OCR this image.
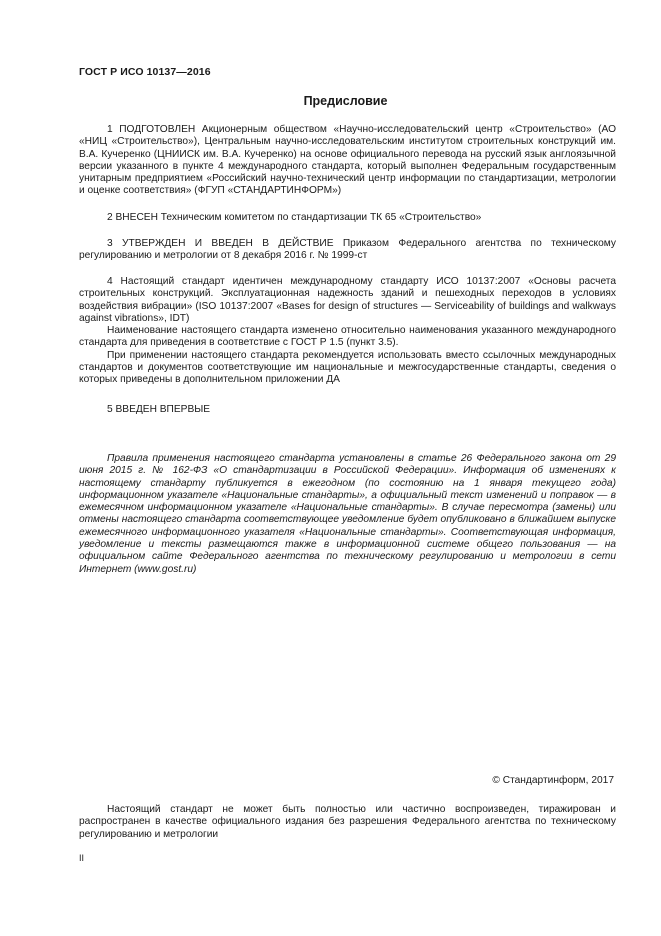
ГОСТ Р ИСО 10137—2016
Предисловие

1 ПОДГОТОВЛЕН Акционерным обществом «Научно-исследовательский центр «Строительство» (АО «НИЦ «Строительство»), Центральным научно-исследовательским институтом строительных конструкций им. В.А. Кучеренко (ЦНИИСК им. В.А. Кучеренко) на основе официального перевода на русский язык англоязычной версии указанного в пункте 4 международного стандарта, который выполнен Федеральным государственным унитарным предприятием «Российский научно-технический центр информации по стандартизации, метрологии и оценке соответствия» (ФГУП «СТАНДАРТИНФОРМ»)

2 ВНЕСЕН Техническим комитетом по стандартизации ТК 65 «Строительство»

3 УТВЕРЖДЕН И ВВЕДЕН В ДЕЙСТВИЕ Приказом Федерального агентства по техническому регулированию и метрологии от 8 декабря 2016 г. № 1999-ст

4 Настоящий стандарт идентичен международному стандарту ИСО 10137:2007 «Основы расчета строительных конструкций. Эксплуатационная надежность зданий и пешеходных переходов в условиях воздействия вибрации» (ISO 10137:2007 «Bases for design of structures — Serviceability of buildings and walkways against vibrations», IDT)

Наименование настоящего стандарта изменено относительно наименования указанного международного стандарта для приведения в соответствие с ГОСТ Р 1.5 (пункт 3.5).

При применении настоящего стандарта рекомендуется использовать вместо ссылочных международных стандартов и документов соответствующие им национальные и межгосударственные стандарты, сведения о которых приведены в дополнительном приложении ДА

5 ВВЕДЕН ВПЕРВЫЕ

Правила применения настоящего стандарта установлены в статье 26 Федерального закона от 29 июня 2015 г. № 162-ФЗ «О стандартизации в Российской Федерации». Информация об изменениях к настоящему стандарту публикуется в ежегодном (по состоянию на 1 января текущего года) информационном указателе «Национальные стандарты», а официальный текст изменений и поправок — в ежемесячном информационном указателе «Национальные стандарты». В случае пересмотра (замены) или отмены настоящего стандарта соответствующее уведомление будет опубликовано в ближайшем выпуске ежемесячного информационного указателя «Национальные стандарты». Соответствующая информация, уведомление и тексты размещаются также в информационной системе общего пользования — на официальном сайте Федерального агентства по техническому регулированию и метрологии в сети Интернет (www.gost.ru)

© Стандартинформ, 2017

Настоящий стандарт не может быть полностью или частично воспроизведен, тиражирован и распространен в качестве официального издания без разрешения Федерального агентства по техническому регулированию и метрологии

II
